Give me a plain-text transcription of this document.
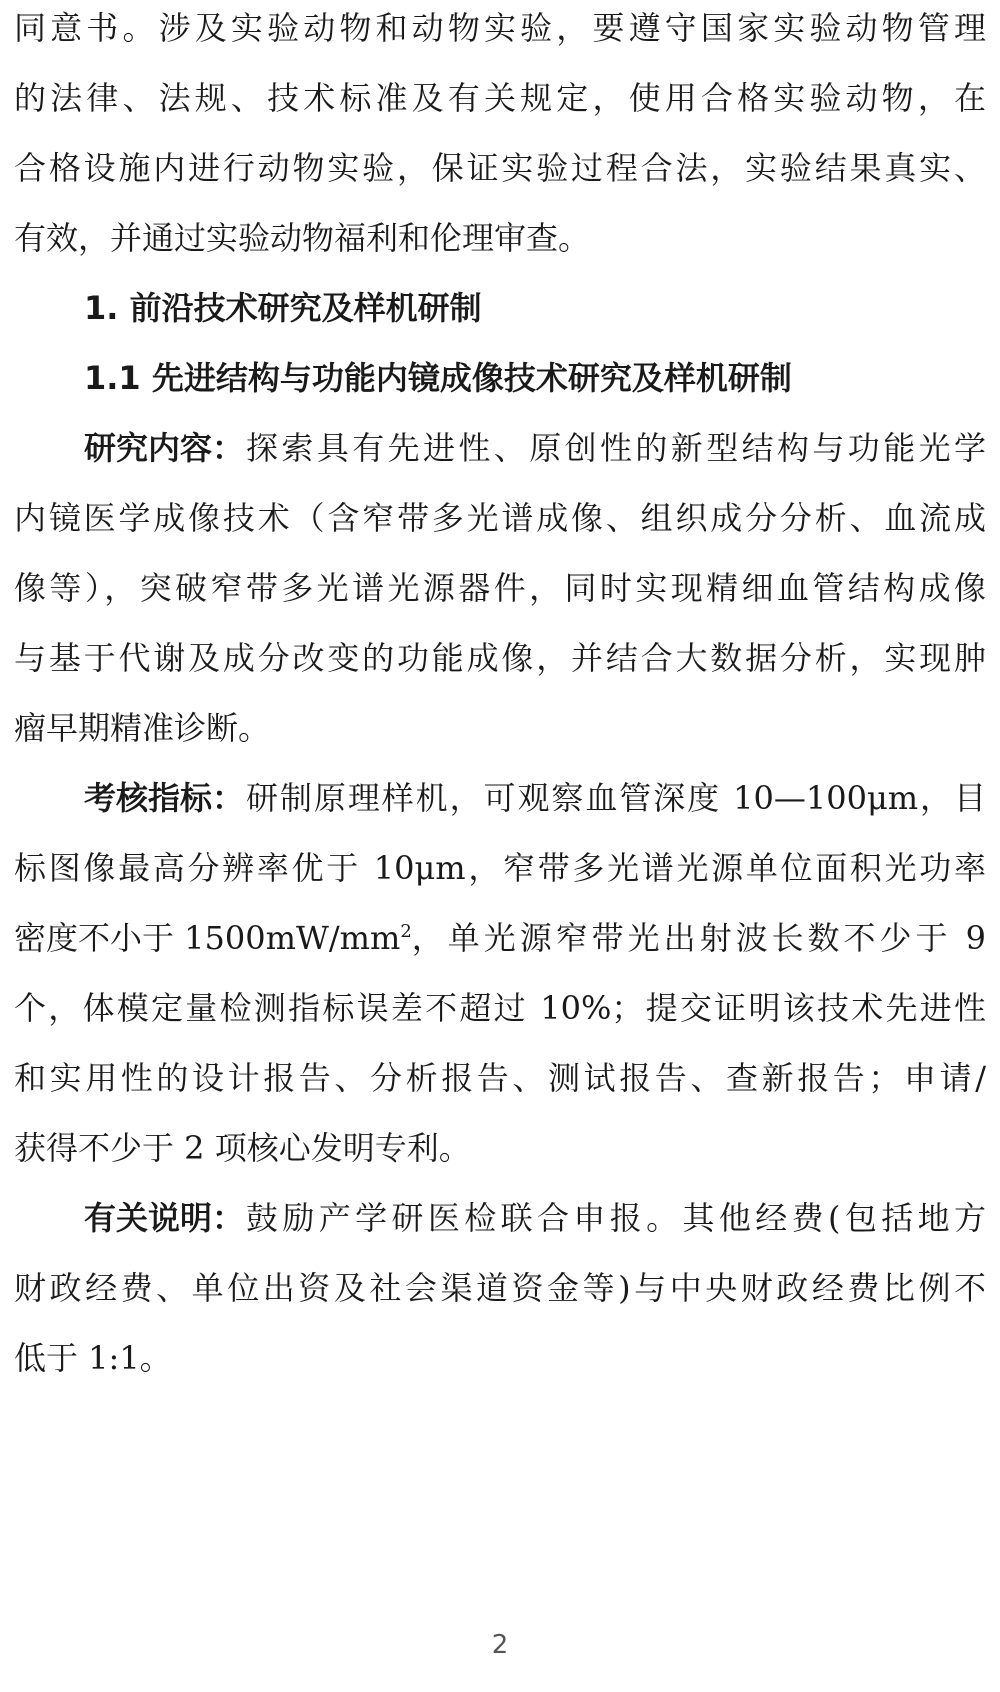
同意书。涉及实验动物和动物实验，要遵守国家实验动物管理
的法律、法规、技术标准及有关规定，使用合格实验动物，在
合格设施内进行动物实验，保证实验过程合法，实验结果真实、
有效，并通过实验动物福利和伦理审查。
1. 前沿技术研究及样机研制
1.1 先进结构与功能内镜成像技术研究及样机研制
研究内容： 探索具有先进性、原创性的新型结构与功能光学
内镜医学成像技术（含窄带多光谱成像、组织成分分析、血流成
像等），突破窄带多光谱光源器件，同时实现精细血管结构成像
与基于代谢及成分改变的功能成像，并结合大数据分析，实现肿
瘤早期精准诊断。
考核指标： 研制原理样机，可观察血管深度 10—100μm，目
标图像最高分辨率优于 10μm，窄带多光谱光源单位面积光功率
密度不小于 $1500mW/mm^2$ ，单光源窄带光出射波长数不少于 9
个，体模定量检测指标误差不超过 10%；提交证明该技术先进性
和实用性的设计报告、分析报告、测试报告、查新报告；申请/
获得不少于 2 项核心发明专利。
有关说明： 鼓励产学研医检联合申报。其他经费(包括地方
财政经费、单位出资及社会渠道资金等)与中央财政经费比例不
低于 1:1。
2
